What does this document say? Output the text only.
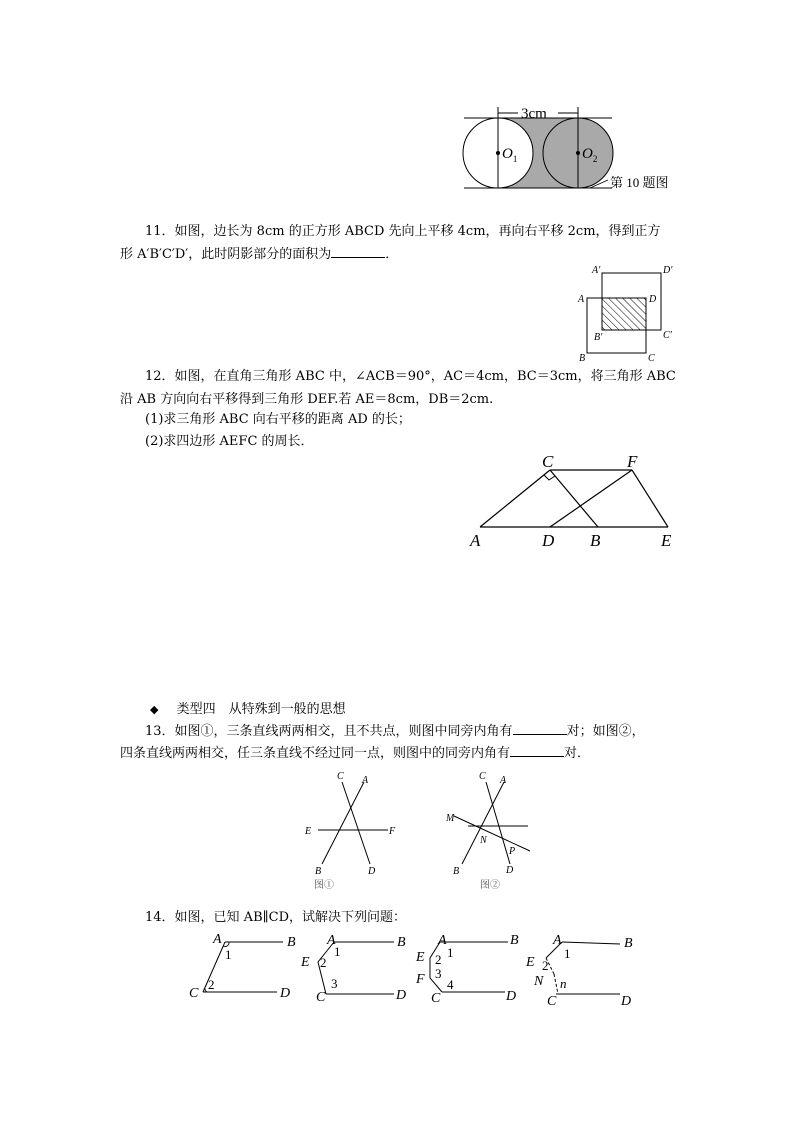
3cm
$O_1$	$O_2$
第 10 题图
11．如图，边长为 8cm 的正方形 ABCD 先向上平移 4cm，再向右平移 2cm，得到正方
形 A′B′C′D′，此时阴影部分的面积为	．
A′	D′
A	D
B′	C′
B	C
12．如图，在直角三角形 ABC 中，∠ACB＝90°，AC＝4cm，BC＝3cm，将三角形 ABC
沿 AB 方向向右平移得到三角形 DEF.若 AE＝8cm，DB＝2cm.
(1)求三角形 ABC 向右平移的距离 AD 的长；
(2)求四边形 AEFC 的周长．
C	F
A	D B	E
◆ 类型四　从特殊到一般的思想
13．如图①，三条直线两两相交，且不共点，则图中同旁内角有	对；如图②，
四条直线两两相交，任三条直线不经过同一点，则图中的同旁内角有	对．
C A
E	F
B	D
图①
C A
M
N
P
B	D
图②
14．如图，已知 AB∥CD，试解决下列问题：
A	B
C	D
1
2
A	B
E
C	D
1
2
3
A	B
E
F
C	D
1
2
3
4
A	B
E
N
C	D
1
2
n
